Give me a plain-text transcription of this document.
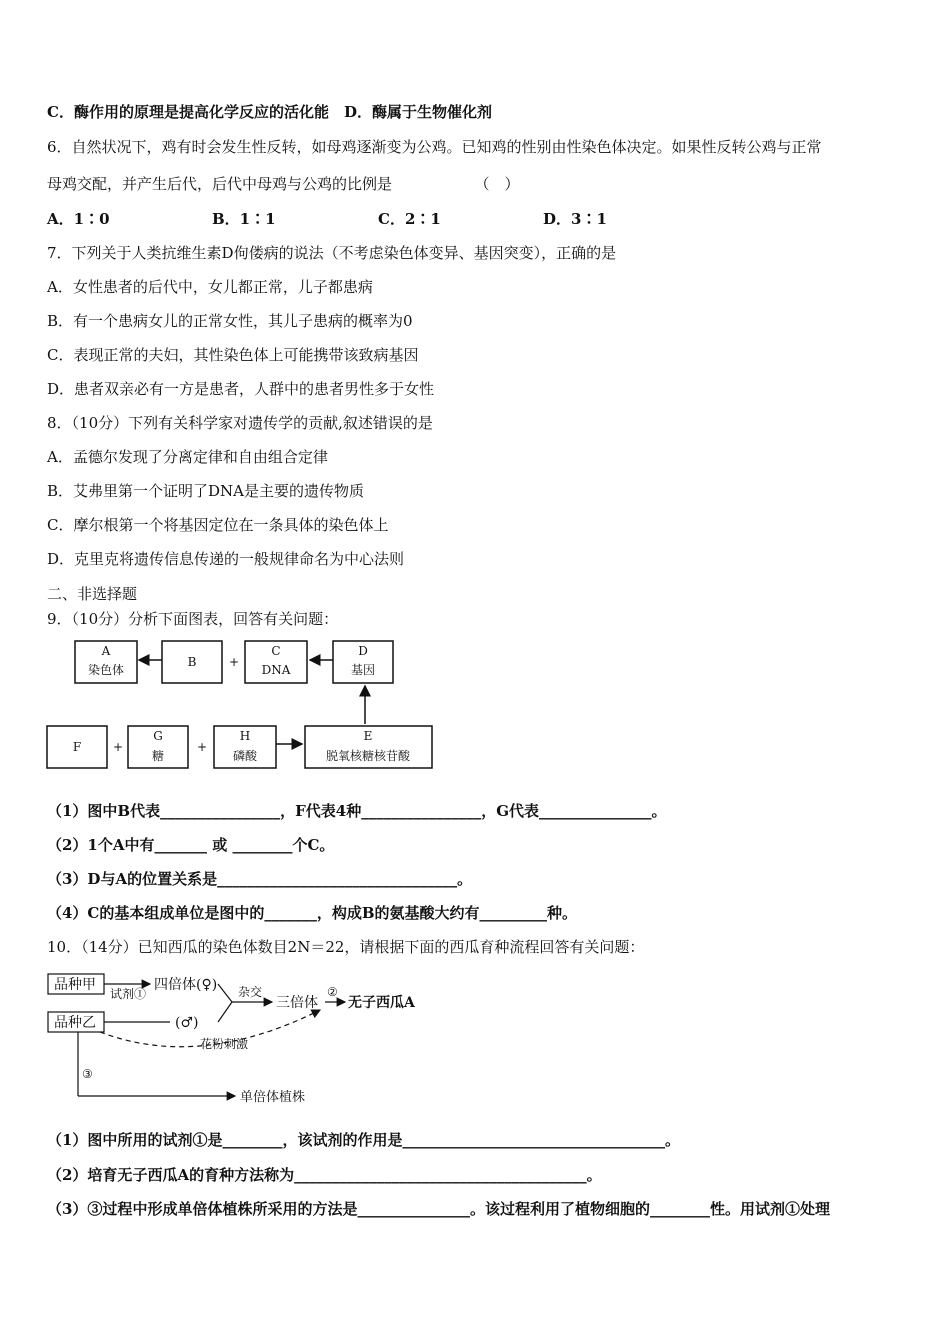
C．酶作用的原理是提高化学反应的活化能　D．酶属于生物催化剂
6．自然状况下，鸡有时会发生性反转，如母鸡逐渐变为公鸡。已知鸡的性别由性染色体决定。如果性反转公鸡与正常
母鸡交配，并产生后代，后代中母鸡与公鸡的比例是　　　　　　（　）
A．1∶0	B．1∶1	C．2∶1	D．3∶1
7．下列关于人类抗维生素D佝偻病的说法（不考虑染色体变异、基因突变），正确的是
A．女性患者的后代中，女儿都正常，儿子都患病
B．有一个患病女儿的正常女性，其儿子患病的概率为0
C．表现正常的夫妇，其性染色体上可能携带该致病基因
D．患者双亲必有一方是患者，人群中的患者男性多于女性
8．（10分）下列有关科学家对遗传学的贡献,叙述错误的是
A．孟德尔发现了分离定律和自由组合定律
B．艾弗里第一个证明了DNA是主要的遗传物质
C．摩尔根第一个将基因定位在一条具体的染色体上
D．克里克将遗传信息传递的一般规律命名为中心法则
二、非选择题
9．（10分）分析下面图表，回答有关问题：
A
染色体
B	+
C
DNA
D
基因
F	+
G
糖
+
H
磷酸
E
脱氧核糖核苷酸
（1）图中B代表________________，F代表4种________________，G代表_______________。
（2）1个A中有_______ 或 ________个C。
（3）D与A的位置关系是________________________________。
（4）C的基本组成单位是图中的_______，构成B的氨基酸大约有_________种。
10．（14分）已知西瓜的染色体数目2N＝22，请根据下面的西瓜育种流程回答有关问题：
品种甲
品种乙
试剂①
四倍体(♀)
(♂)
杂交
三倍体
②
无子西瓜A
花粉刺激
③
单倍体植株
（1）图中所用的试剂①是________，该试剂的作用是___________________________________。
（2）培育无子西瓜A的育种方法称为_______________________________________。
（3）③过程中形成单倍体植株所采用的方法是_______________。该过程利用了植物细胞的________性。用试剂①处理
